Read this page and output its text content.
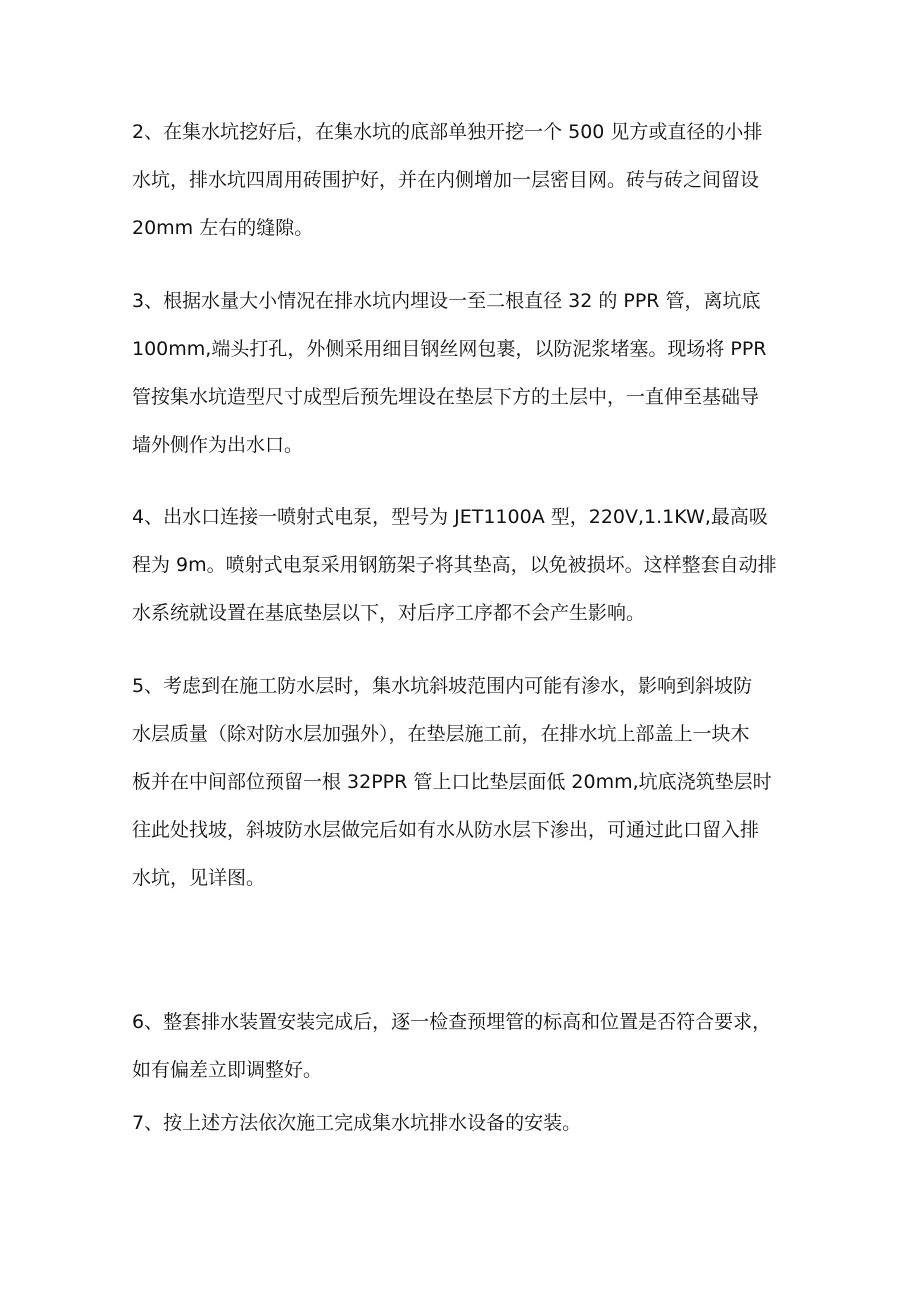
2、在集水坑挖好后，在集水坑的底部单独开挖一个 500 见方或直径的小排
水坑，排水坑四周用砖围护好，并在内侧增加一层密目网。砖与砖之间留设
20mm 左右的缝隙。

3、根据水量大小情况在排水坑内埋设一至二根直径 32 的 PPR 管，离坑底
100mm,端头打孔，外侧采用细目钢丝网包裹，以防泥浆堵塞。现场将 PPR
管按集水坑造型尺寸成型后预先埋设在垫层下方的土层中，一直伸至基础导
墙外侧作为出水口。

4、出水口连接一喷射式电泵，型号为 JET1100A 型，220V,1.1KW,最高吸
程为 9m。喷射式电泵采用钢筋架子将其垫高，以免被损坏。这样整套自动排
水系统就设置在基底垫层以下，对后序工序都不会产生影响。

5、考虑到在施工防水层时，集水坑斜坡范围内可能有渗水，影响到斜坡防
水层质量（除对防水层加强外），在垫层施工前，在排水坑上部盖上一块木
板并在中间部位预留一根 32PPR 管上口比垫层面低 20mm,坑底浇筑垫层时
往此处找坡，斜坡防水层做完后如有水从防水层下渗出，可通过此口留入排
水坑，见详图。

6、整套排水装置安装完成后，逐一检查预埋管的标高和位置是否符合要求，
如有偏差立即调整好。

7、按上述方法依次施工完成集水坑排水设备的安装。
